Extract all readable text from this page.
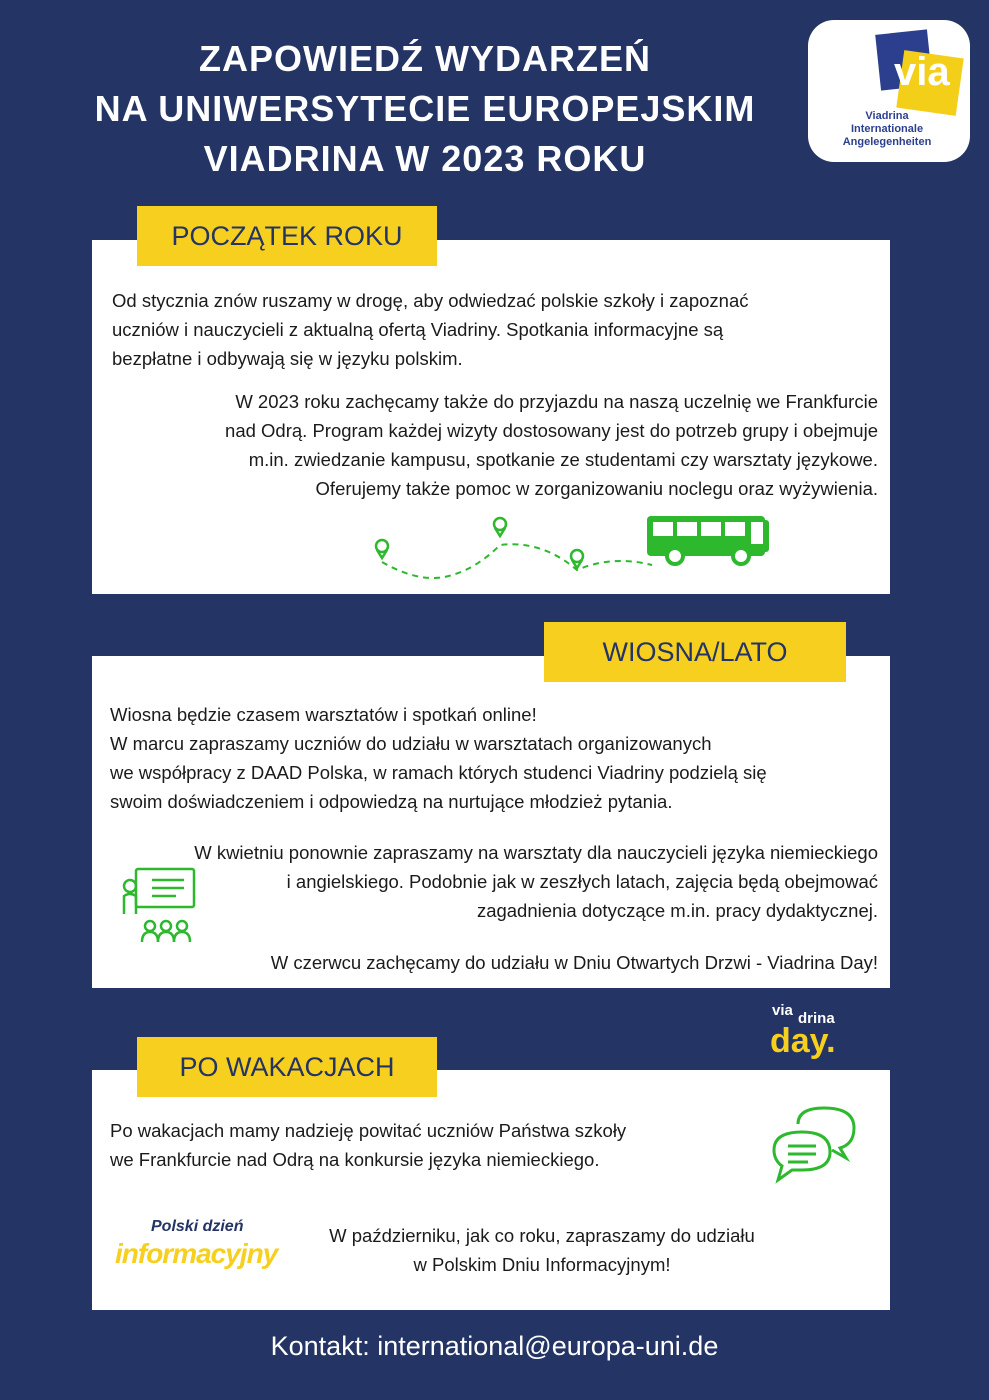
ZAPOWIEDŹ WYDARZEŃ
NA UNIWERSYTECIE EUROPEJSKIM
VIADRINA W 2023 ROKU
via
Viadrina
Internationale
Angelegenheiten

Od stycznia znów ruszamy w drogę, aby odwiedzać polskie szkoły i zapoznać
uczniów i nauczycieli z aktualną ofertą Viadriny. Spotkania informacyjne są
bezpłatne i odbywają się w języku polskim.

W 2023 roku zachęcamy także do przyjazdu na naszą uczelnię we Frankfurcie
nad Odrą. Program każdej wizyty dostosowany jest do potrzeb grupy i obejmuje
m.in. zwiedzanie kampusu, spotkanie ze studentami czy warsztaty językowe.
Oferujemy także pomoc w zorganizowaniu noclegu oraz wyżywienia.

POCZĄTEK ROKU

Wiosna będzie czasem warsztatów i spotkań online!
W marcu zapraszamy uczniów do udziału w warsztatach organizowanych
we współpracy z DAAD Polska, w ramach których studenci Viadriny podzielą się
swoim doświadczeniem i odpowiedzą na nurtujące młodzież pytania.

W kwietniu ponownie zapraszamy na warsztaty dla nauczycieli języka niemieckiego
i angielskiego. Podobnie jak w zeszłych latach, zajęcia będą obejmować
zagadnienia dotyczące m.in. pracy dydaktycznej.

W czerwcu zachęcamy do udziału w Dniu Otwartych Drzwi - Viadrina Day!

WIOSNA/LATO
via drina
day.

Po wakacjach mamy nadzieję powitać uczniów Państwa szkoły
we Frankfurcie nad Odrą na konkursie języka niemieckiego.

W październiku, jak co roku, zapraszamy do udziału
w Polskim Dniu Informacyjnym!

PO WAKACJACH
Polski dzień
informacyjny
Kontakt: international@europa-uni.de
